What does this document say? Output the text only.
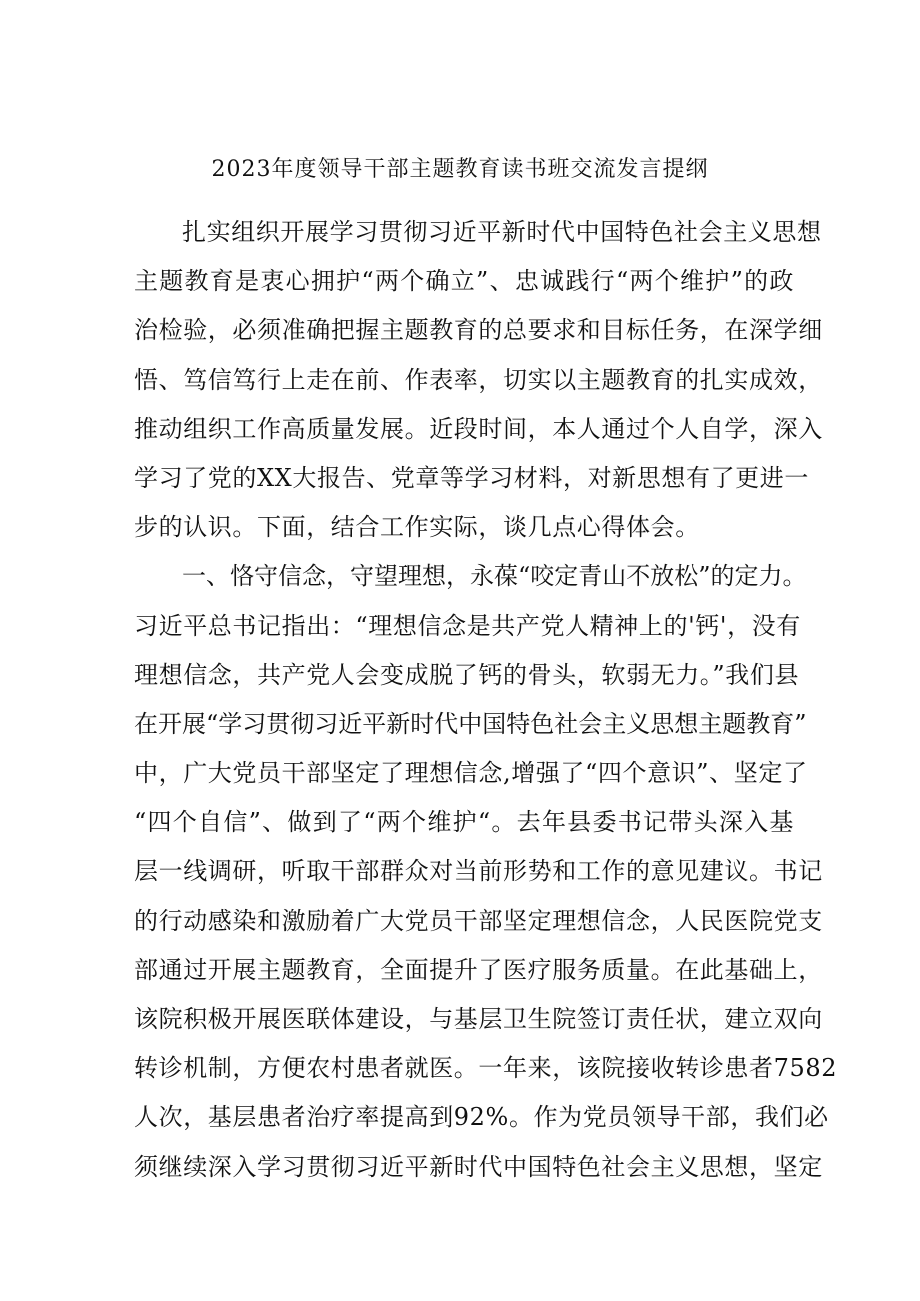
2023年度领导干部主题教育读书班交流发言提纲
扎实组织开展学习贯彻习近平新时代中国特色社会主义思想
主题教育是衷心拥护“两个确立”、忠诚践行“两个维护”的政
治检验，必须准确把握主题教育的总要求和目标任务，在深学细
悟、笃信笃行上走在前、作表率，切实以主题教育的扎实成效，
推动组织工作高质量发展。近段时间，本人通过个人自学，深入
学习了党的XX大报告、党章等学习材料，对新思想有了更进一
步的认识。下面，结合工作实际，谈几点心得体会。
一、恪守信念，守望理想，永葆“咬定青山不放松”的定力。
习近平总书记指出：“理想信念是共产党人精神上的'钙'，没有
理想信念，共产党人会变成脱了钙的骨头，软弱无力。”我们县
在开展“学习贯彻习近平新时代中国特色社会主义思想主题教育”
中，广大党员干部坚定了理想信念,增强了“四个意识”、坚定了
“四个自信”、做到了“两个维护“。去年县委书记带头深入基
层一线调研，听取干部群众对当前形势和工作的意见建议。书记
的行动感染和激励着广大党员干部坚定理想信念，人民医院党支
部通过开展主题教育，全面提升了医疗服务质量。在此基础上，
该院积极开展医联体建设，与基层卫生院签订责任状，建立双向
转诊机制，方便农村患者就医。一年来，该院接收转诊患者7582
人次，基层患者治疗率提高到92%。作为党员领导干部，我们必
须继续深入学习贯彻习近平新时代中国特色社会主义思想，坚定
